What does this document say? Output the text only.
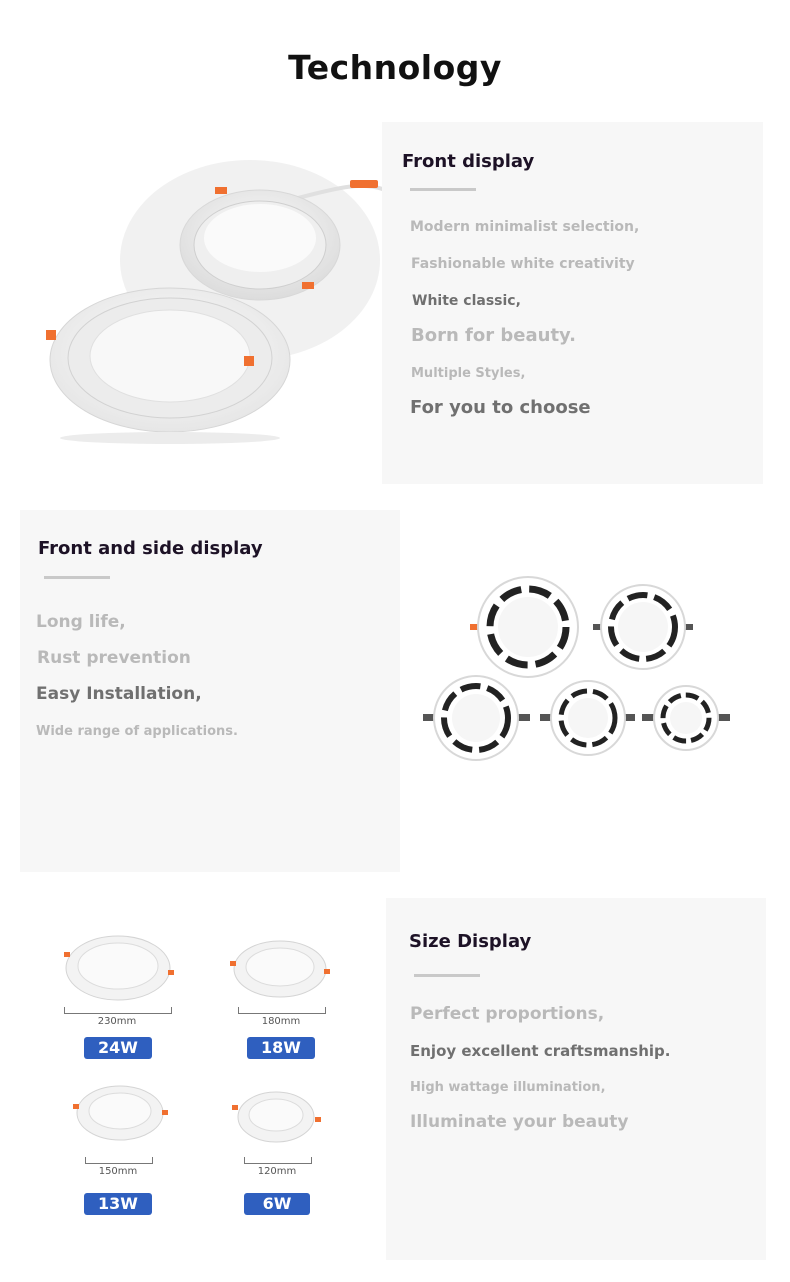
Technology
Front display
Modern minimalist selection,
Fashionable white creativity
White classic,
Born for beauty.
Multiple Styles,
For you to choose
Front and side display
Long life,
Rust prevention
Easy Installation,
Wide range of applications.
230mm
24W
180mm
18W
150mm
13W
120mm
6W
Size Display
Perfect proportions,
Enjoy excellent craftsmanship.
High wattage illumination,
Illuminate your beauty
